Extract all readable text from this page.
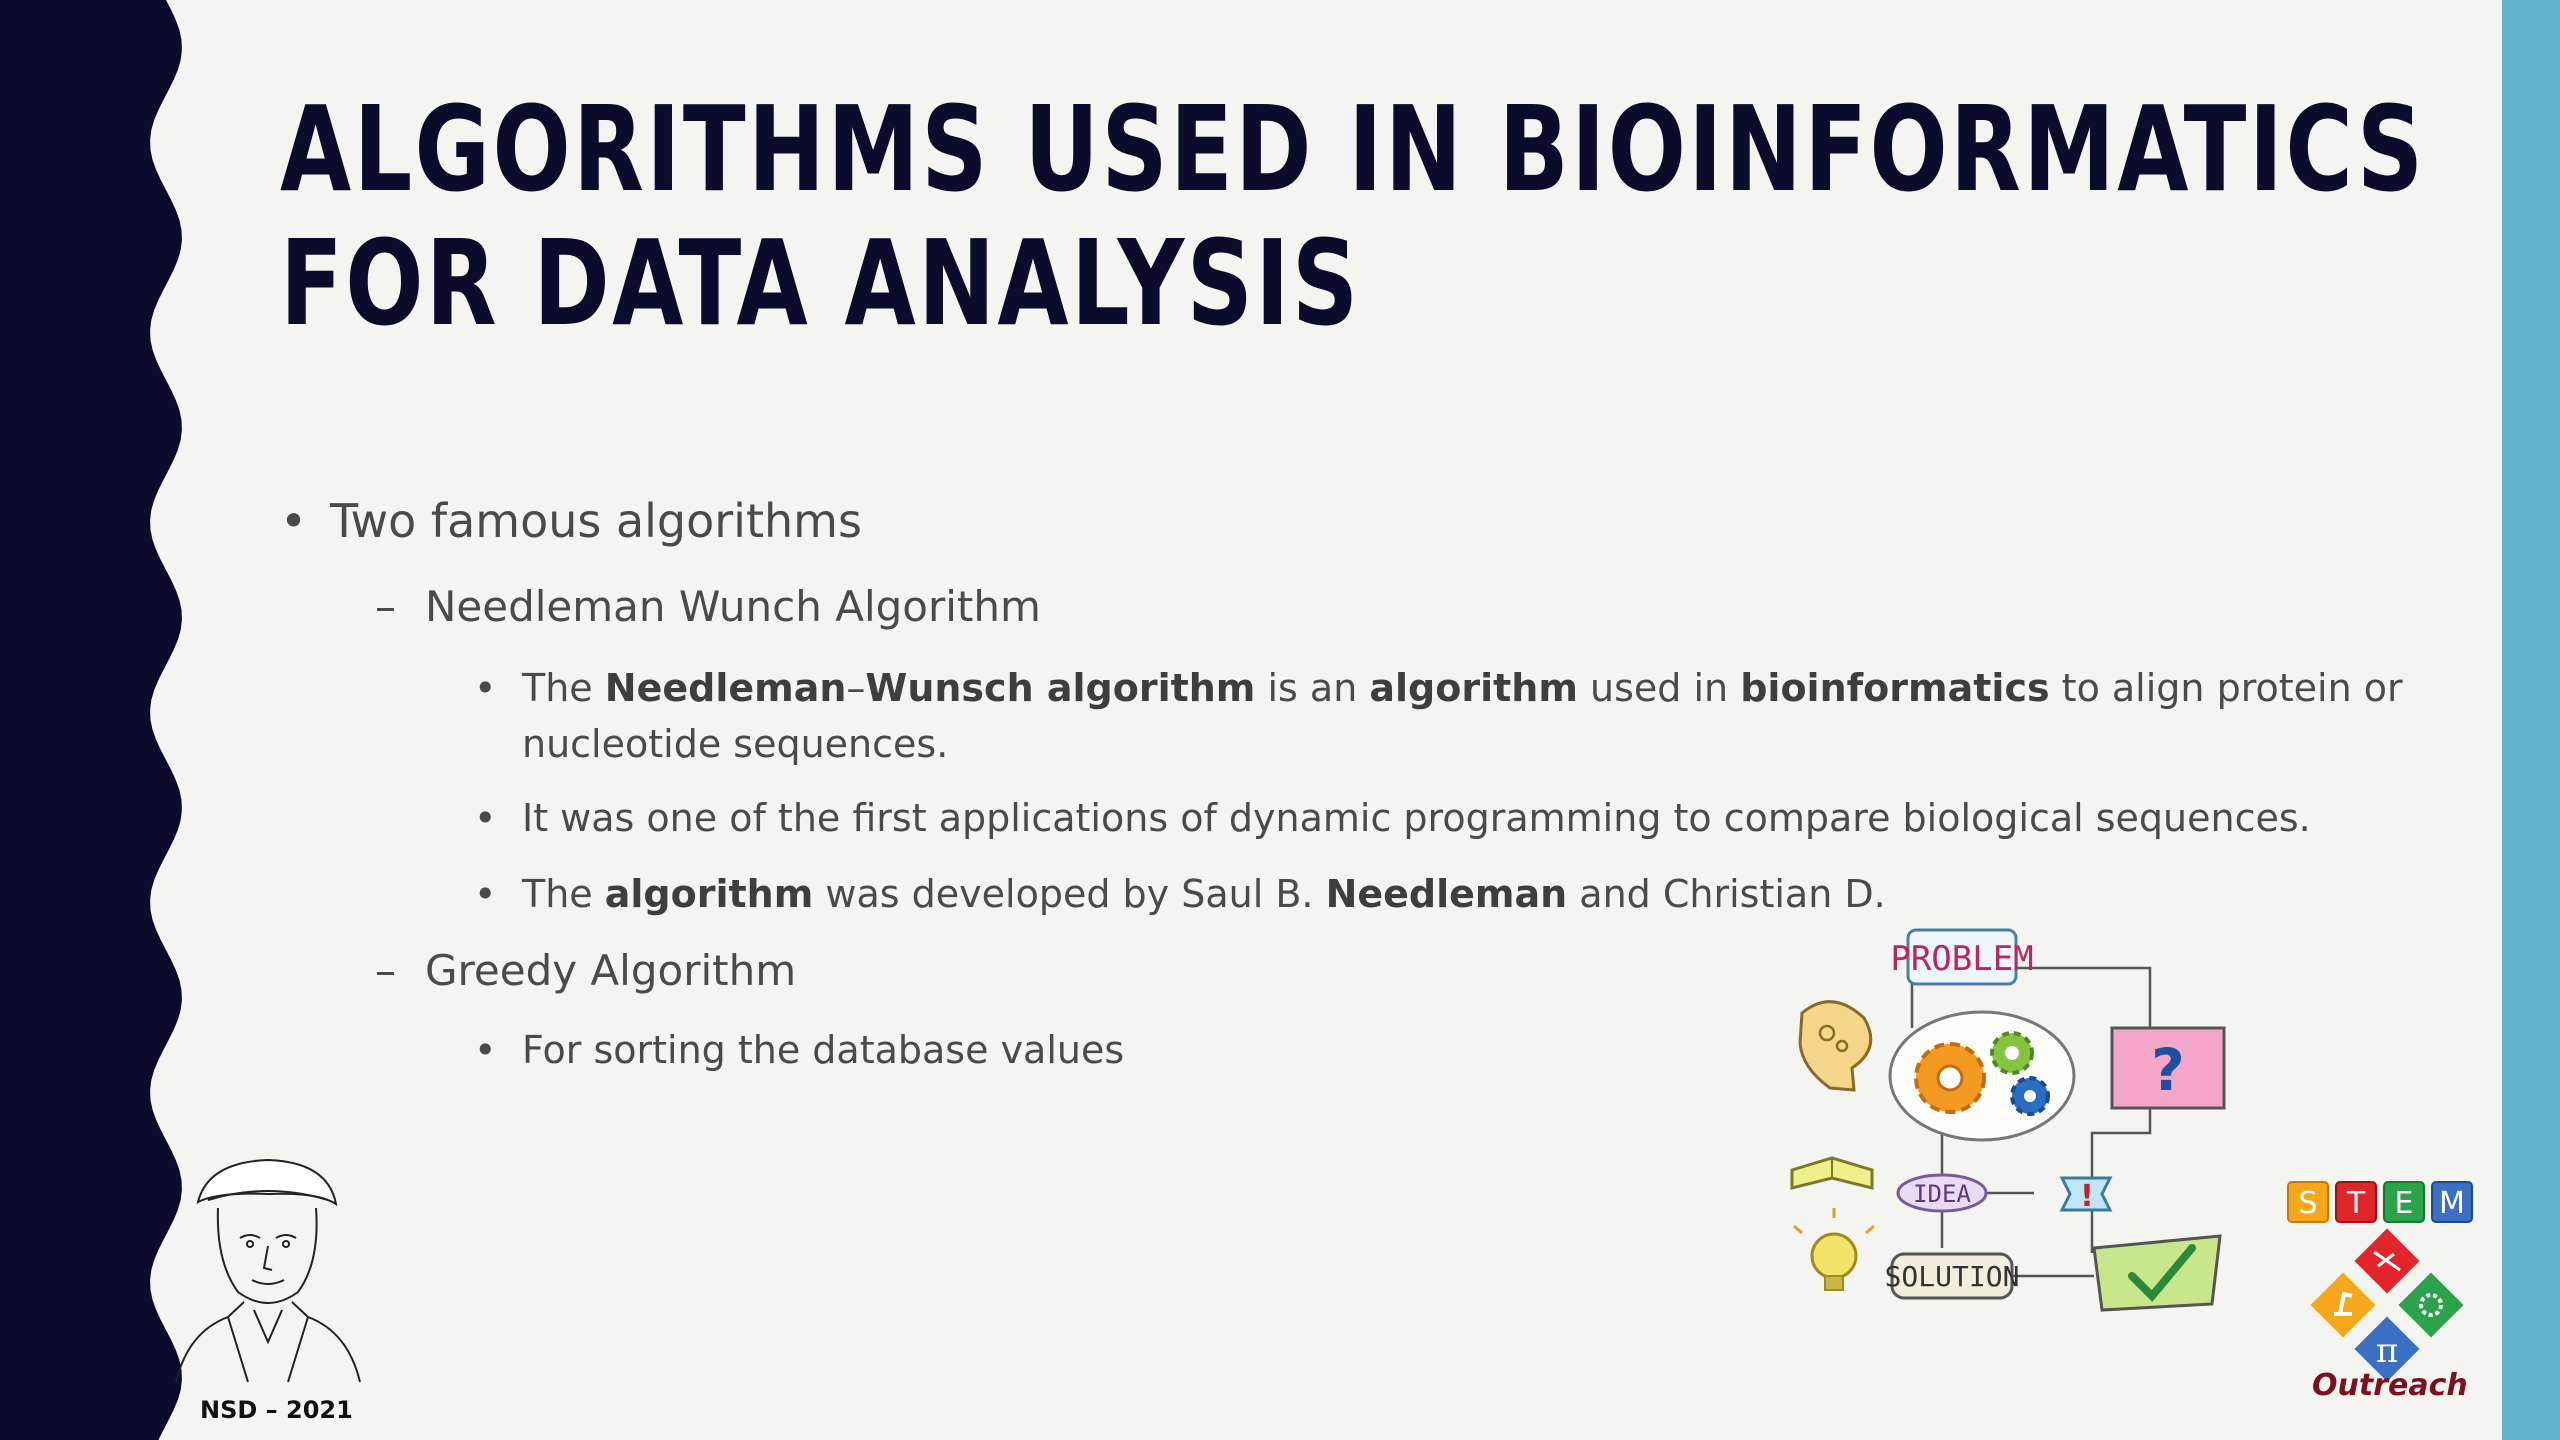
ALGORITHMS USED IN BIOINFORMATICS
FOR DATA ANALYSIS
• Two famous algorithms
– Needleman Wunch Algorithm
• The Needleman–Wunsch algorithm is an algorithm used in bioinformatics to align protein or
nucleotide sequences.
• It was one of the first applications of dynamic programming to compare biological sequences.
• The algorithm was developed by Saul B. Needleman and Christian D.
– Greedy Algorithm
• For sorting the database values
PROBLEM
?
IDEA	!
SOLUTION
NSD – 2021
S T E M
π
Outreach
